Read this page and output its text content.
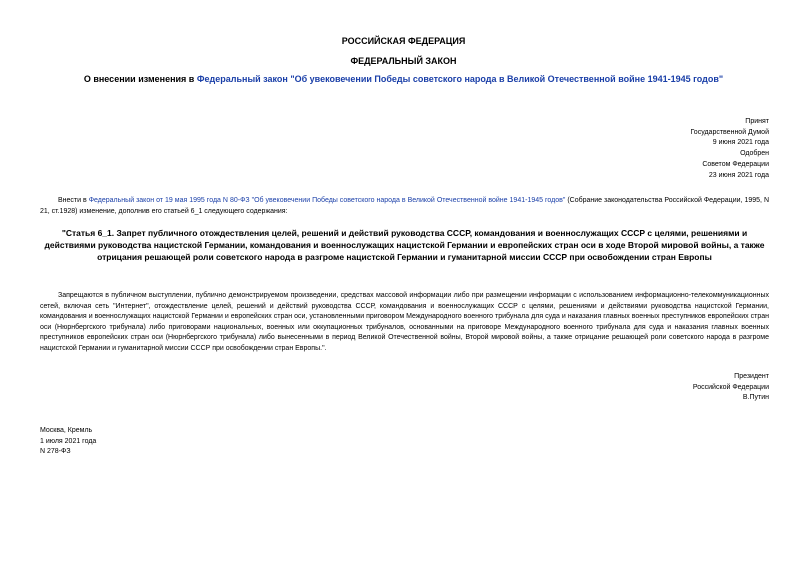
РОССИЙСКАЯ ФЕДЕРАЦИЯ
ФЕДЕРАЛЬНЫЙ ЗАКОН
О внесении изменения в Федеральный закон "Об увековечении Победы советского народа в Великой Отечественной войне 1941-1945 годов"
Принят
Государственной Думой
9 июня 2021 года
Одобрен
Советом Федерации
23 июня 2021 года
Внести в Федеральный закон от 19 мая 1995 года N 80-ФЗ "Об увековечении Победы советского народа в Великой Отечественной войне 1941-1945 годов" (Собрание законодательства Российской Федерации, 1995, N 21, ст.1928) изменение, дополнив его статьей 6_1 следующего содержания:
"Статья 6_1. Запрет публичного отождествления целей, решений и действий руководства СССР, командования и военнослужащих СССР с целями, решениями и действиями руководства нацистской Германии, командования и военнослужащих нацистской Германии и европейских стран оси в ходе Второй мировой войны, а также отрицания решающей роли советского народа в разгроме нацистской Германии и гуманитарной миссии СССР при освобождении стран Европы
Запрещаются в публичном выступлении, публично демонстрируемом произведении, средствах массовой информации либо при размещении информации с использованием информационно-телекоммуникационных сетей, включая сеть "Интернет", отождествление целей, решений и действий руководства СССР, командования и военнослужащих СССР с целями, решениями и действиями руководства нацистской Германии, командования и военнослужащих нацистской Германии и европейских стран оси, установленными приговором Международного военного трибунала для суда и наказания главных военных преступников европейских стран оси (Нюрнбергского трибунала) либо приговорами национальных, военных или оккупационных трибуналов, основанными на приговоре Международного военного трибунала для суда и наказания главных военных преступников европейских стран оси (Нюрнбергского трибунала) либо вынесенными в период Великой Отечественной войны, Второй мировой войны, а также отрицание решающей роли советского народа в разгроме нацистской Германии и гуманитарной миссии СССР при освобождении стран Европы.".
Президент
Российской Федерации
В.Путин
Москва, Кремль
1 июля 2021 года
N 278-ФЗ
